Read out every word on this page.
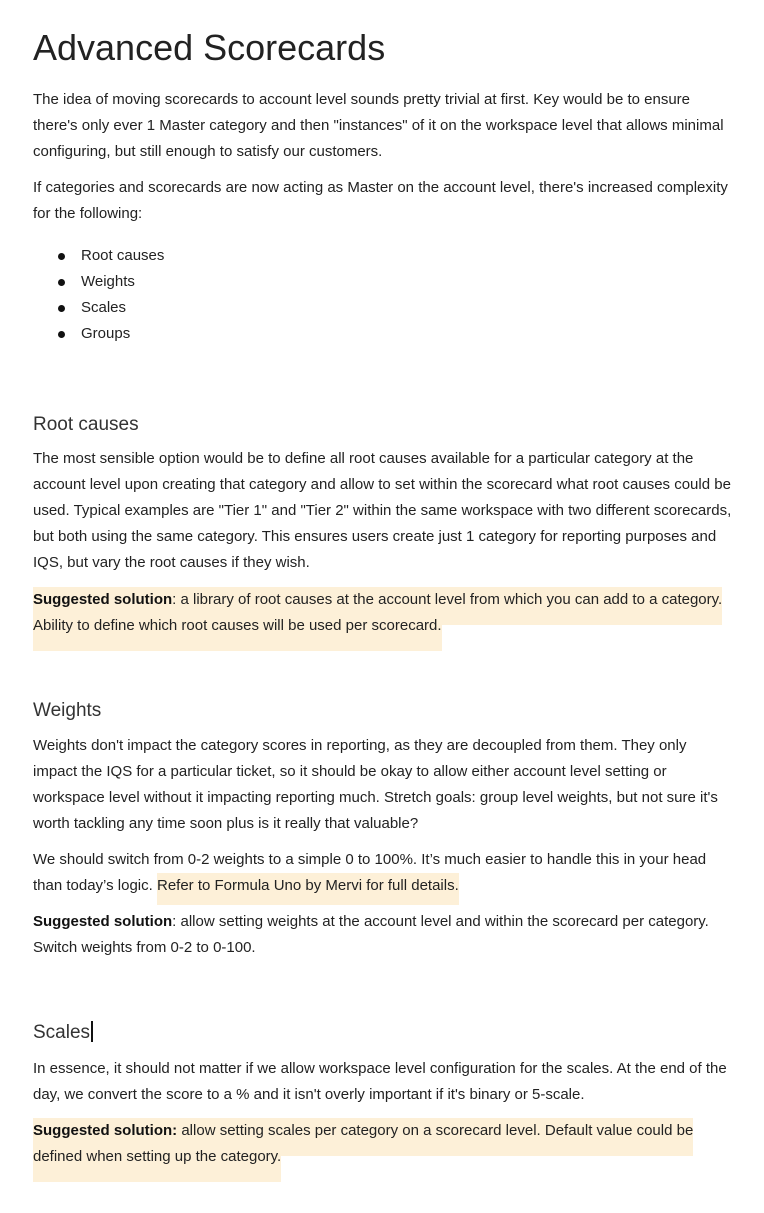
Advanced Scorecards

The idea of moving scorecards to account level sounds pretty trivial at first. Key would be to ensure there's only ever 1 Master category and then "instances" of it on the workspace level that allows minimal configuring, but still enough to satisfy our customers.

If categories and scorecards are now acting as Master on the account level, there's increased complexity for the following:

Root causes
Weights
Scales
Groups
Root causes

The most sensible option would be to define all root causes available for a particular category at the account level upon creating that category and allow to set within the scorecard what root causes could be used. Typical examples are "Tier 1" and "Tier 2" within the same workspace with two different scorecards, but both using the same category. This ensures users create just 1 category for reporting purposes and IQS, but vary the root causes if they wish.

Suggested solution: a library of root causes at the account level from which you can add to a category. Ability to define which root causes will be used per scorecard.

Weights

Weights don't impact the category scores in reporting, as they are decoupled from them. They only impact the IQS for a particular ticket, so it should be okay to allow either account level setting or workspace level without it impacting reporting much. Stretch goals: group level weights, but not sure it's worth tackling any time soon plus is it really that valuable?

We should switch from 0-2 weights to a simple 0 to 100%. It’s much easier to handle this in your head than today’s logic. Refer to Formula Uno by Mervi for full details.

Suggested solution: allow setting weights at the account level and within the scorecard per category. Switch weights from 0-2 to 0-100.

Scales

In essence, it should not matter if we allow workspace level configuration for the scales. At the end of the day, we convert the score to a % and it isn't overly important if it's binary or 5-scale.

Suggested solution: allow setting scales per category on a scorecard level. Default value could be defined when setting up the category.
